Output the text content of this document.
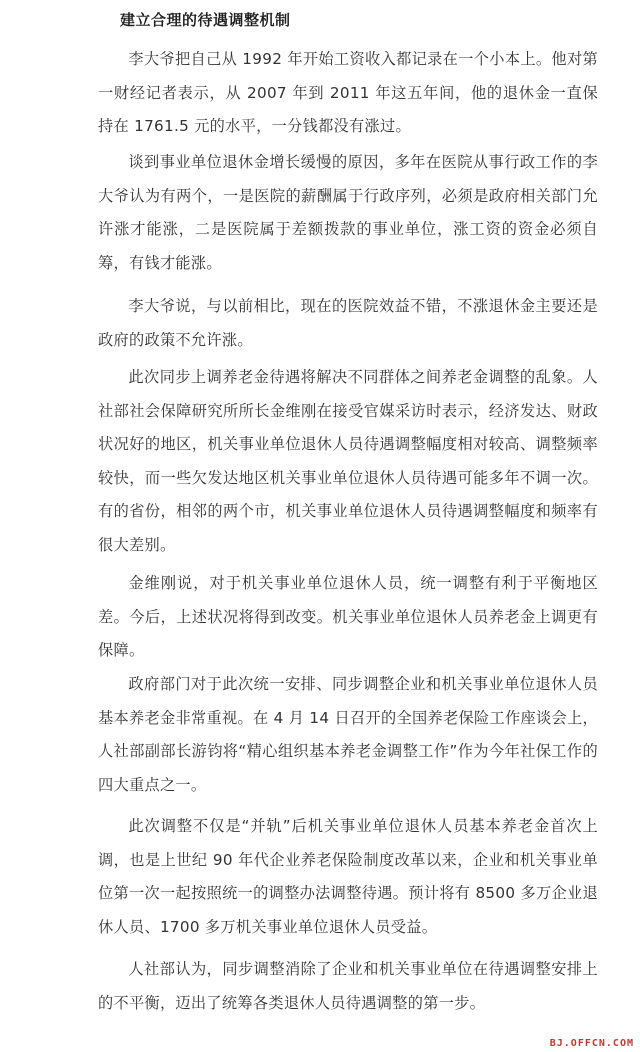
建立合理的待遇调整机制

李大爷把自己从 1992 年开始工资收入都记录在一个小本上。他对第一财经记者表示，从 2007 年到 2011 年这五年间，他的退休金一直保持在 1761.5 元的水平，一分钱都没有涨过。

谈到事业单位退休金增长缓慢的原因，多年在医院从事行政工作的李大爷认为有两个，一是医院的薪酬属于行政序列，必须是政府相关部门允许涨才能涨，二是医院属于差额拨款的事业单位，涨工资的资金必须自筹，有钱才能涨。

李大爷说，与以前相比，现在的医院效益不错，不涨退休金主要还是政府的政策不允许涨。

此次同步上调养老金待遇将解决不同群体之间养老金调整的乱象。人社部社会保障研究所所长金维刚在接受官媒采访时表示，经济发达、财政状况好的地区，机关事业单位退休人员待遇调整幅度相对较高、调整频率较快，而一些欠发达地区机关事业单位退休人员待遇可能多年不调一次。有的省份，相邻的两个市，机关事业单位退休人员待遇调整幅度和频率有很大差别。

金维刚说，对于机关事业单位退休人员，统一调整有利于平衡地区差。今后，上述状况将得到改变。机关事业单位退休人员养老金上调更有保障。

政府部门对于此次统一安排、同步调整企业和机关事业单位退休人员基本养老金非常重视。在 4 月 14 日召开的全国养老保险工作座谈会上，人社部副部长游钧将“精心组织基本养老金调整工作”作为今年社保工作的四大重点之一。

此次调整不仅是“并轨”后机关事业单位退休人员基本养老金首次上调，也是上世纪 90 年代企业养老保险制度改革以来，企业和机关事业单位第一次一起按照统一的调整办法调整待遇。预计将有 8500 多万企业退休人员、1700 多万机关事业单位退休人员受益。

人社部认为，同步调整消除了企业和机关事业单位在待遇调整安排上的不平衡，迈出了统筹各类退休人员待遇调整的第一步。

BJ.OFFCN.COM
